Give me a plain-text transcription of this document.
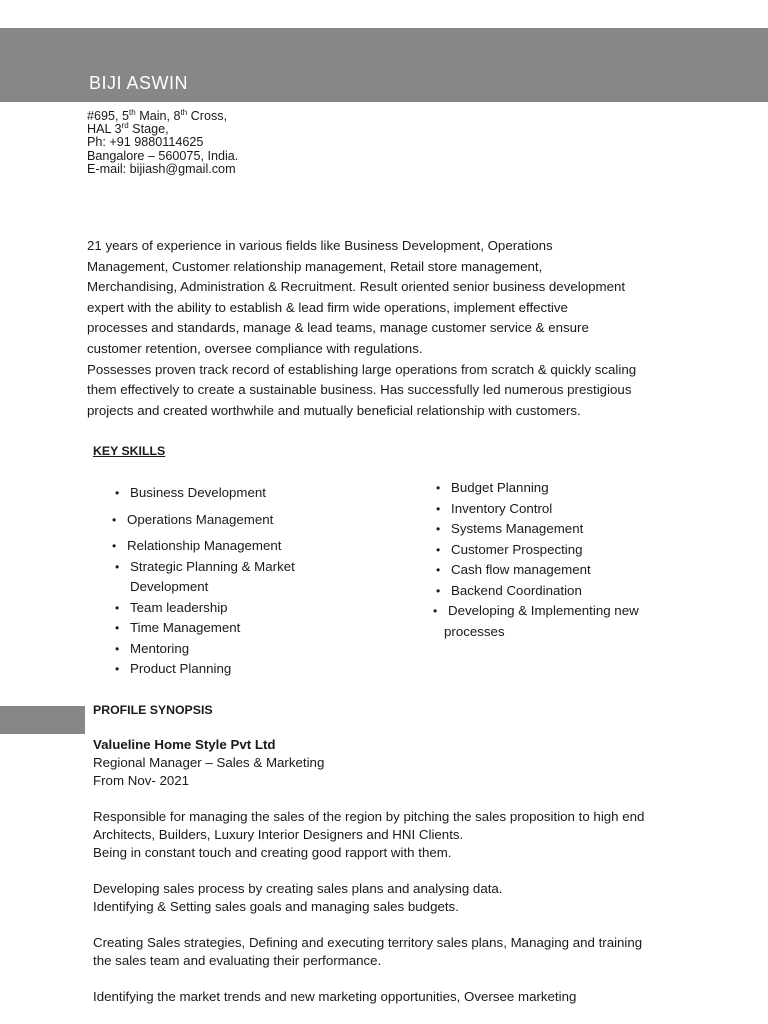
BIJI ASWIN
#695, 5th Main, 8th Cross,
HAL 3rd Stage,
Ph: +91 9880114625
Bangalore – 560075, India.
E-mail: bijiash@gmail.com

21 years of experience in various fields like Business Development, Operations

Management, Customer relationship management, Retail store management,

Merchandising, Administration & Recruitment. Result oriented senior business development

expert with the ability to establish & lead firm wide operations, implement effective

processes and standards, manage & lead teams, manage customer service & ensure

customer retention, oversee compliance with regulations.

Possesses proven track record of establishing large operations from scratch & quickly scaling

them effectively to create a sustainable business. Has successfully led numerous prestigious

projects and created worthwhile and mutually beneficial relationship with customers.

KEY SKILLS
• Business Development
• Operations Management
• Relationship Management
• Strategic Planning & Market
Development
• Team leadership
• Time Management
• Mentoring
• Product Planning
• Budget Planning
• Inventory Control
• Systems Management
• Customer Prospecting
• Cash flow management
• Backend Coordination
• Developing & Implementing new
processes
PROFILE SYNOPSIS
Valueline Home Style Pvt Ltd
Regional Manager – Sales & Marketing
From Nov- 2021
Responsible for managing the sales of the region by pitching the sales proposition to high end
Architects, Builders, Luxury Interior Designers and HNI Clients.
Being in constant touch and creating good rapport with them.
Developing sales process by creating sales plans and analysing data.
Identifying & Setting sales goals and managing sales budgets.
Creating Sales strategies, Defining and executing territory sales plans, Managing and training
the sales team and evaluating their performance.
Identifying the market trends and new marketing opportunities, Oversee marketing
